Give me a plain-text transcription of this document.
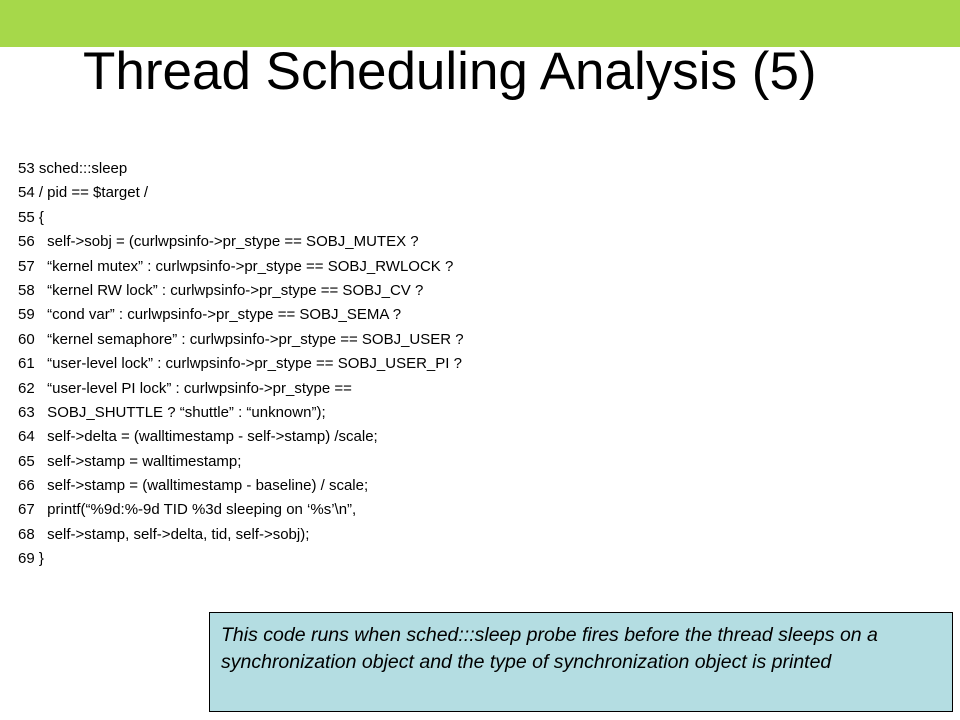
Thread Scheduling Analysis (5)
53 sched:::sleep
54 / pid == $target /
55 {
56   self->sobj = (curlwpsinfo->pr_stype == SOBJ_MUTEX ?
57   “kernel mutex” : curlwpsinfo->pr_stype == SOBJ_RWLOCK ?
58   “kernel RW lock” : curlwpsinfo->pr_stype == SOBJ_CV ?
59   “cond var” : curlwpsinfo->pr_stype == SOBJ_SEMA ?
60   “kernel semaphore” : curlwpsinfo->pr_stype == SOBJ_USER ?
61   “user-level lock” : curlwpsinfo->pr_stype == SOBJ_USER_PI ?
62   “user-level PI lock” : curlwpsinfo->pr_stype ==
63   SOBJ_SHUTTLE ? “shuttle” : “unknown”);
64   self->delta = (walltimestamp - self->stamp) /scale;
65   self->stamp = walltimestamp;
66   self->stamp = (walltimestamp - baseline) / scale;
67   printf(“%9d:%-9d TID %3d sleeping on ‘%s’\n”,
68   self->stamp, self->delta, tid, self->sobj);
69 }
This code runs when sched:::sleep probe fires before the thread sleeps on a synchronization object and the type of synchronization object is printed
